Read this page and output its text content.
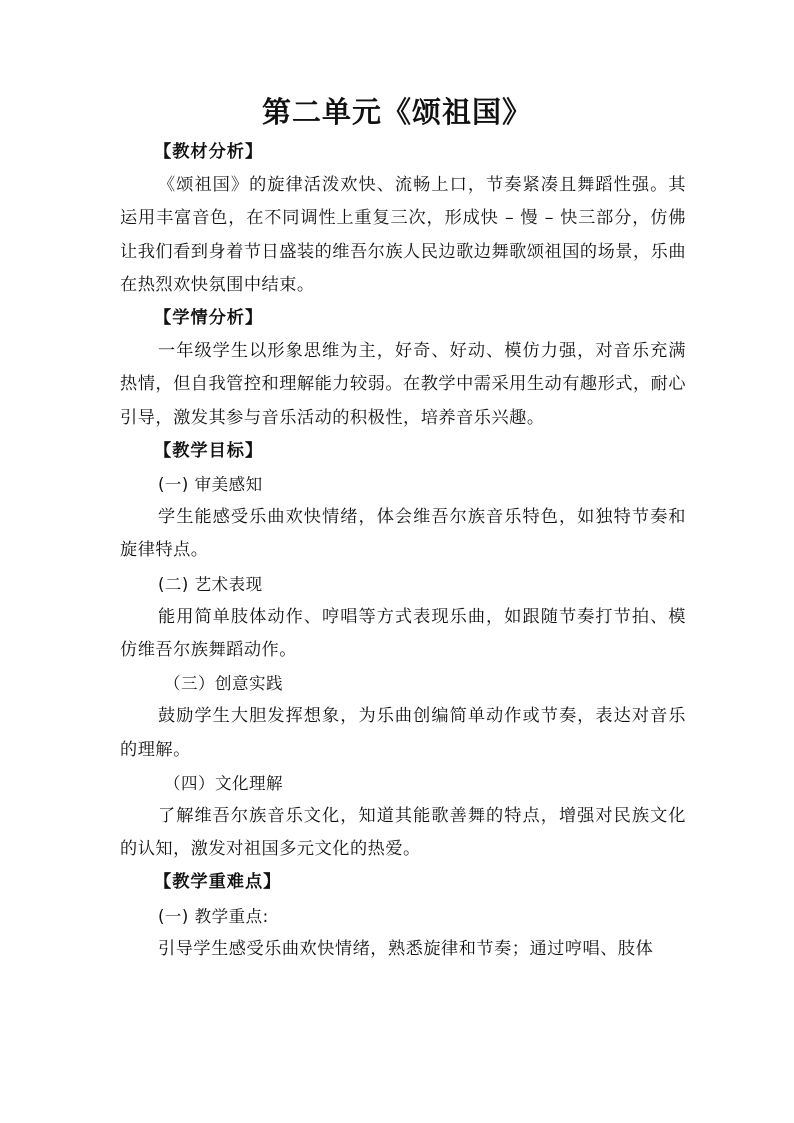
第二单元《颂祖国》

【教材分析】

《颂祖国》的旋律活泼欢快、流畅上口，节奏紧凑且舞蹈性强。其运用丰富音色，在不同调性上重复三次，形成快 – 慢 – 快三部分，仿佛让我们看到身着节日盛装的维吾尔族人民边歌边舞歌颂祖国的场景，乐曲在热烈欢快氛围中结束。

【学情分析】

一年级学生以形象思维为主，好奇、好动、模仿力强，对音乐充满热情，但自我管控和理解能力较弱。在教学中需采用生动有趣形式，耐心引导，激发其参与音乐活动的积极性，培养音乐兴趣。

【教学目标】

(一) 审美感知

学生能感受乐曲欢快情绪，体会维吾尔族音乐特色，如独特节奏和旋律特点。

(二) 艺术表现

能用简单肢体动作、哼唱等方式表现乐曲，如跟随节奏打节拍、模仿维吾尔族舞蹈动作。

（三）创意实践

鼓励学生大胆发挥想象，为乐曲创编简单动作或节奏，表达对音乐的理解。

（四）文化理解

了解维吾尔族音乐文化，知道其能歌善舞的特点，增强对民族文化的认知，激发对祖国多元文化的热爱。

【教学重难点】

(一) 教学重点:

引导学生感受乐曲欢快情绪，熟悉旋律和节奏；通过哼唱、肢体
